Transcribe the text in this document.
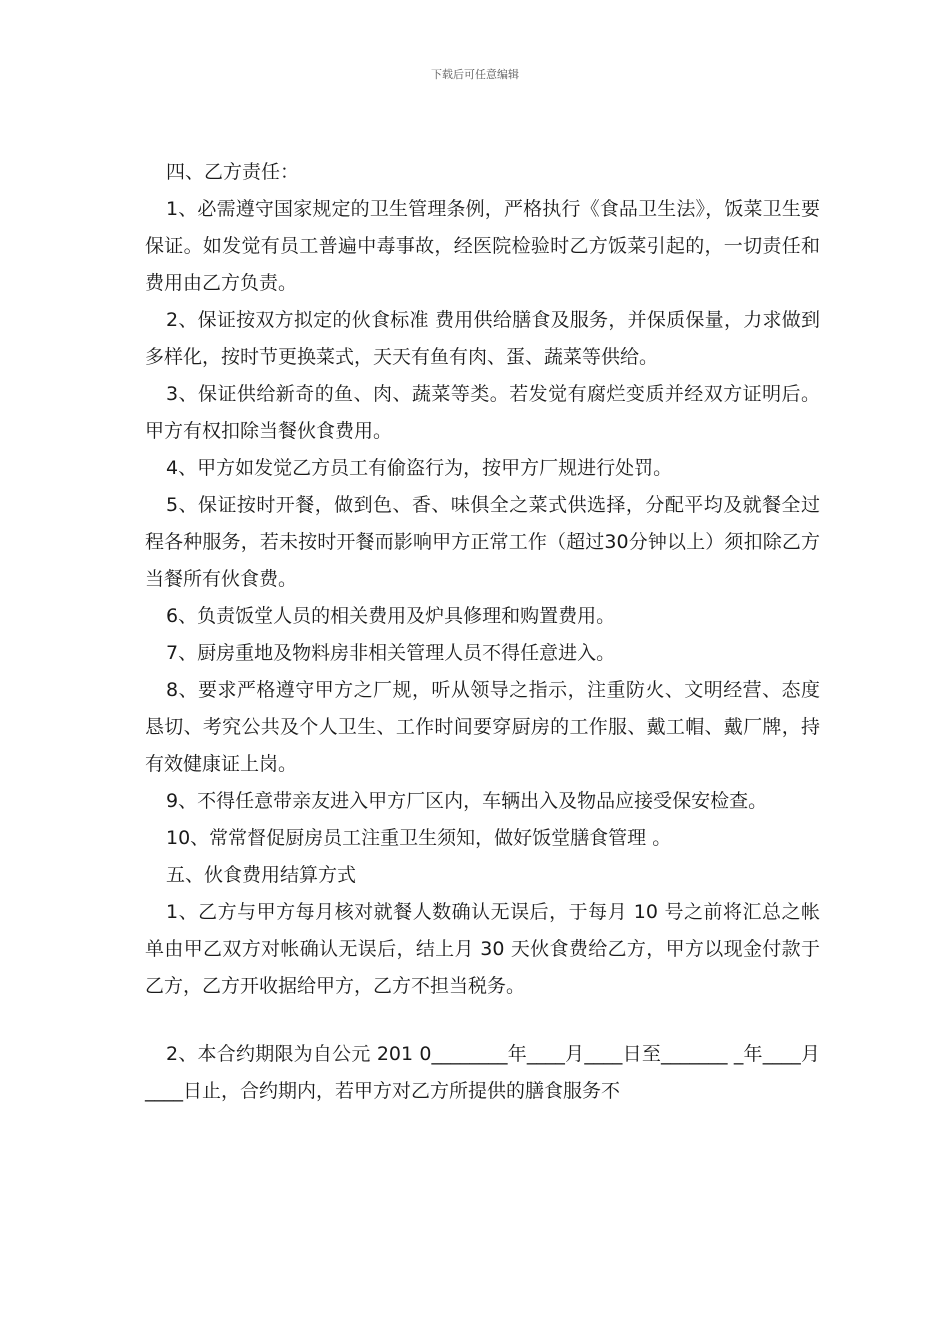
下载后可任意编辑

四、乙方责任：

1、必需遵守国家规定的卫生管理条例，严格执行《食品卫生法》，饭菜卫生要保证。如发觉有员工普遍中毒事故，经医院检验时乙方饭菜引起的，一切责任和费用由乙方负责。

2、保证按双方拟定的伙食标准 费用供给膳食及服务，并保质保量，力求做到多样化，按时节更换菜式，天天有鱼有肉、蛋、蔬菜等供给。

3、保证供给新奇的鱼、肉、蔬菜等类。若发觉有腐烂变质并经双方证明后。甲方有权扣除当餐伙食费用。

4、甲方如发觉乙方员工有偷盗行为，按甲方厂规进行处罚。

5、保证按时开餐，做到色、香、味俱全之菜式供选择，分配平均及就餐全过程各种服务，若未按时开餐而影响甲方正常工作（超过30分钟以上）须扣除乙方当餐所有伙食费。

6、负责饭堂人员的相关费用及炉具修理和购置费用。

7、厨房重地及物料房非相关管理人员不得任意进入。

8、要求严格遵守甲方之厂规，听从领导之指示，注重防火、文明经营、态度恳切、考究公共及个人卫生、工作时间要穿厨房的工作服、戴工帽、戴厂牌，持有效健康证上岗。

9、不得任意带亲友进入甲方厂区内，车辆出入及物品应接受保安检查。

10、常常督促厨房员工注重卫生须知，做好饭堂膳食管理 。

五、伙食费用结算方式

1、乙方与甲方每月核对就餐人数确认无误后，于每月 10 号之前将汇总之帐单由甲乙双方对帐确认无误后，结上月 30 天伙食费给乙方，甲方以现金付款于乙方，乙方开收据给甲方，乙方不担当税务。

2、本合约期限为自公元 201 0________年____月____日至_______ _年____月____日止，合约期内，若甲方对乙方所提供的膳食服务不
